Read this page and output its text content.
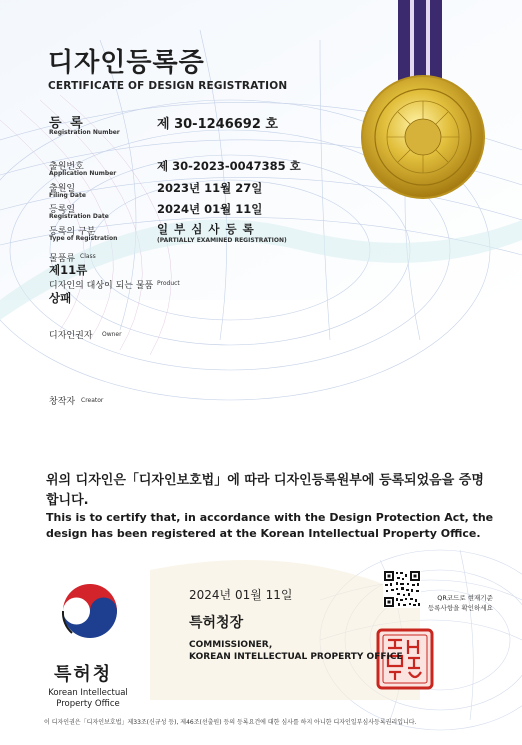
디자인등록증
CERTIFICATE OF DESIGN REGISTRATION
등 록
Registration Number
제 30-1246692 호
출원번호
Application Number
제 30-2023-0047385 호
출원일
Filing Date
2023년 11월 27일
등록일
Registration Date
2024년 01월 11일
등록의 구분
Type of Registration
일 부 심 사 등 록
(PARTIALLY EXAMINED REGISTRATION)
물품류 Class
제11류
디자인의 대상이 되는 물품 Product
상패
디자인권자 Owner
창작자 Creator
위의 디자인은「디자인보호법」에 따라 디자인등록원부에 등록되었음을 증명합니다.
This is to certify that, in accordance with the Design Protection Act, the design has been registered at the Korean Intellectual Property Office.
2024년 01월 11일
특허청장
COMMISSIONER,
KOREAN INTELLECTUAL PROPERTY OFFICE
QR코드로 현재기준
등록사항을 확인하세요
특허청
Korean Intellectual Property Office
이 디자인권은「디자인보호법」제33조(신규성 등), 제46조(선출원) 등의 등록요건에 대한 심사를 하지 아니한 디자인일부심사등록권리입니다.
